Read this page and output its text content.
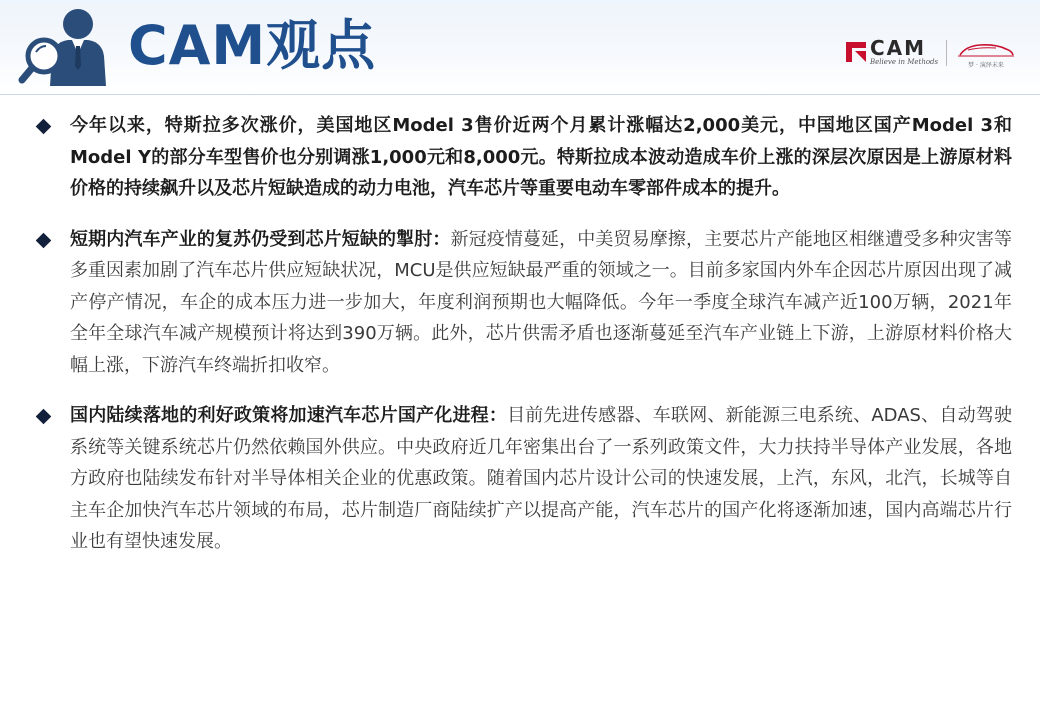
CAM观点	CAM
Believe in Methods	梦 · 演绎未来

今年以来，特斯拉多次涨价，美国地区Model 3售价近两个月累计涨幅达2,000美元，中国地区国产Model 3和Model Y的部分车型售价也分别调涨1,000元和8,000元。特斯拉成本波动造成车价上涨的深层次原因是上游原材料价格的持续飙升以及芯片短缺造成的动力电池，汽车芯片等重要电动车零部件成本的提升。

短期内汽车产业的复苏仍受到芯片短缺的掣肘：新冠疫情蔓延，中美贸易摩擦，主要芯片产能地区相继遭受多种灾害等多重因素加剧了汽车芯片供应短缺状况，MCU是供应短缺最严重的领域之一。目前多家国内外车企因芯片原因出现了减产停产情况，车企的成本压力进一步加大，年度利润预期也大幅降低。今年一季度全球汽车减产近100万辆，2021年全年全球汽车减产规模预计将达到390万辆。此外，芯片供需矛盾也逐渐蔓延至汽车产业链上下游，上游原材料价格大幅上涨，下游汽车终端折扣收窄。

国内陆续落地的利好政策将加速汽车芯片国产化进程：目前先进传感器、车联网、新能源三电系统、ADAS、自动驾驶系统等关键系统芯片仍然依赖国外供应。中央政府近几年密集出台了一系列政策文件，大力扶持半导体产业发展，各地方政府也陆续发布针对半导体相关企业的优惠政策。随着国内芯片设计公司的快速发展，上汽，东风，北汽，长城等自主车企加快汽车芯片领域的布局，芯片制造厂商陆续扩产以提高产能，汽车芯片的国产化将逐渐加速，国内高端芯片行业也有望快速发展。
